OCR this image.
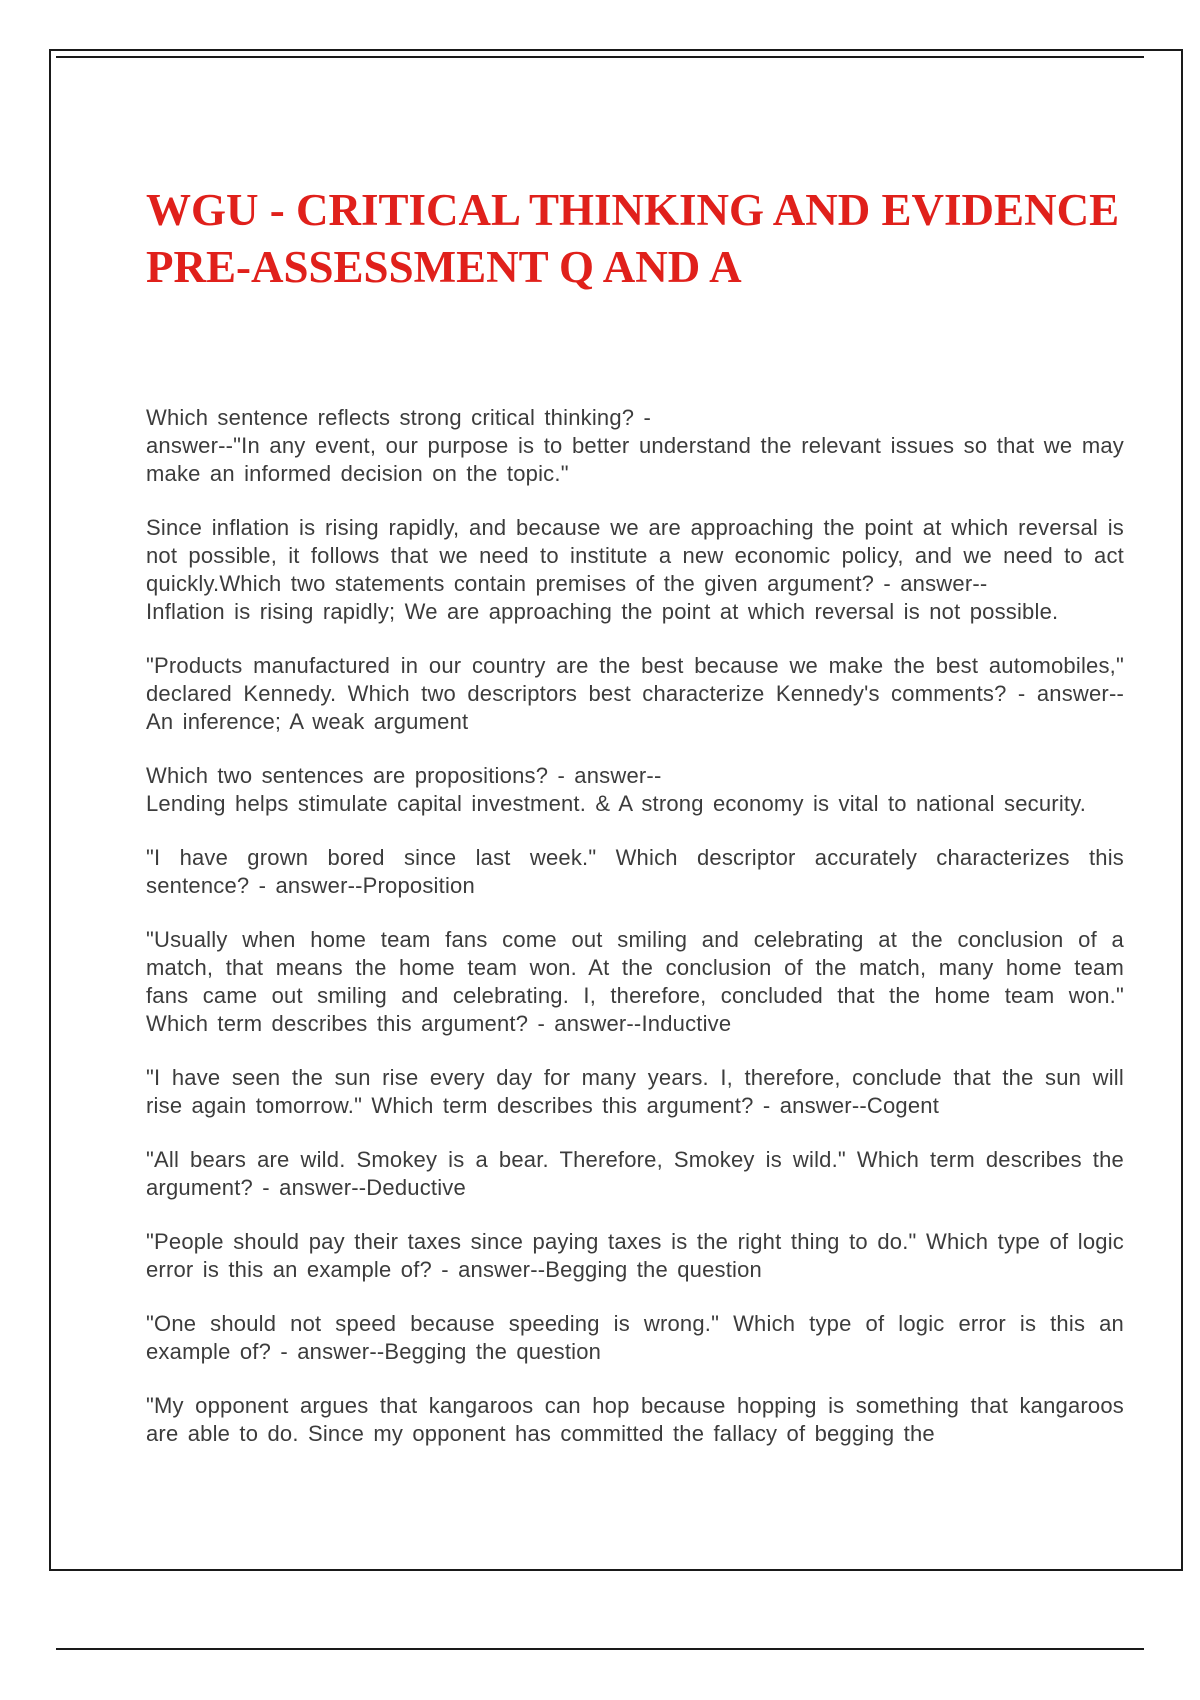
WGU - CRITICAL THINKING AND EVIDENCE PRE-ASSESSMENT Q AND A

Which sentence reflects strong critical thinking? -
answer--"In any event, our purpose is to better understand the relevant issues so that we may make an informed decision on the topic."

Since inflation is rising rapidly, and because we are approaching the point at which reversal is not possible, it follows that we need to institute a new economic policy, and we need to act quickly.Which two statements contain premises of the given argument? - answer--
Inflation is rising rapidly; We are approaching the point at which reversal is not possible.

"Products manufactured in our country are the best because we make the best automobiles," declared Kennedy. Which two descriptors best characterize Kennedy's comments? - answer--An inference; A weak argument

Which two sentences are propositions? - answer--
Lending helps stimulate capital investment. & A strong economy is vital to national security.

"I have grown bored since last week." Which descriptor accurately characterizes this sentence? - answer--Proposition

"Usually when home team fans come out smiling and celebrating at the conclusion of a match, that means the home team won. At the conclusion of the match, many home team fans came out smiling and celebrating. I, therefore, concluded that the home team won." Which term describes this argument? - answer--Inductive

"I have seen the sun rise every day for many years. I, therefore, conclude that the sun will rise again tomorrow." Which term describes this argument? - answer--Cogent

"All bears are wild. Smokey is a bear. Therefore, Smokey is wild." Which term describes the argument? - answer--Deductive

"People should pay their taxes since paying taxes is the right thing to do." Which type of logic error is this an example of? - answer--Begging the question

"One should not speed because speeding is wrong." Which type of logic error is this an example of? - answer--Begging the question

"My opponent argues that kangaroos can hop because hopping is something that kangaroos are able to do. Since my opponent has committed the fallacy of begging the
